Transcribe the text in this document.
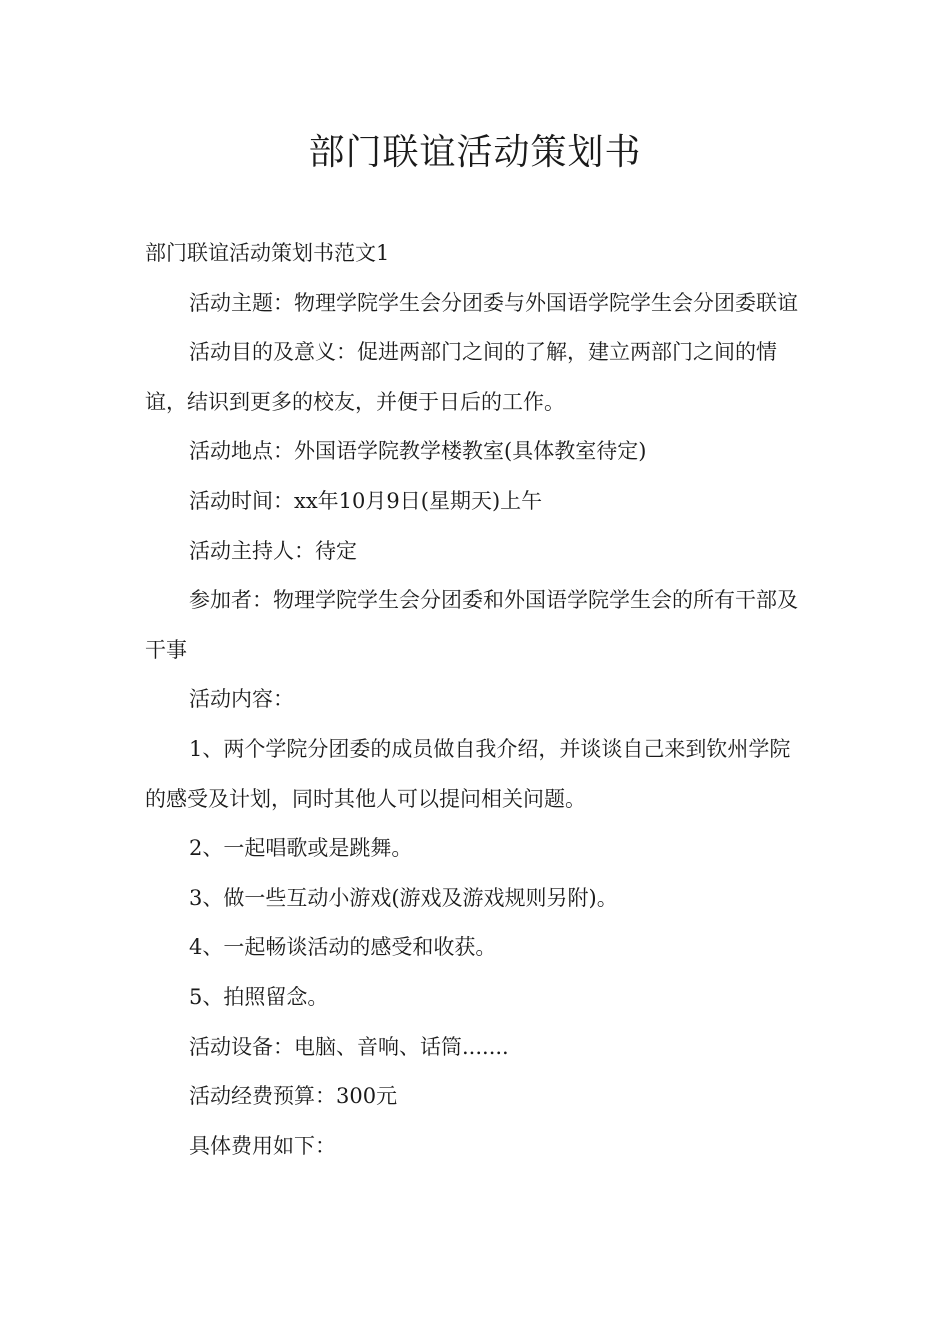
部门联谊活动策划书

部门联谊活动策划书范文1

活动主题：物理学院学生会分团委与外国语学院学生会分团委联谊

活动目的及意义：促进两部门之间的了解，建立两部门之间的情谊，结识到更多的校友，并便于日后的工作。

活动地点：外国语学院教学楼教室(具体教室待定)

活动时间：xx年10月9日(星期天)上午

活动主持人：待定

参加者：物理学院学生会分团委和外国语学院学生会的所有干部及干事

活动内容：

1、两个学院分团委的成员做自我介绍，并谈谈自己来到钦州学院的感受及计划，同时其他人可以提问相关问题。

2、一起唱歌或是跳舞。

3、做一些互动小游戏(游戏及游戏规则另附)。

4、一起畅谈活动的感受和收获。

5、拍照留念。

活动设备：电脑、音响、话筒.......

活动经费预算：300元

具体费用如下：
